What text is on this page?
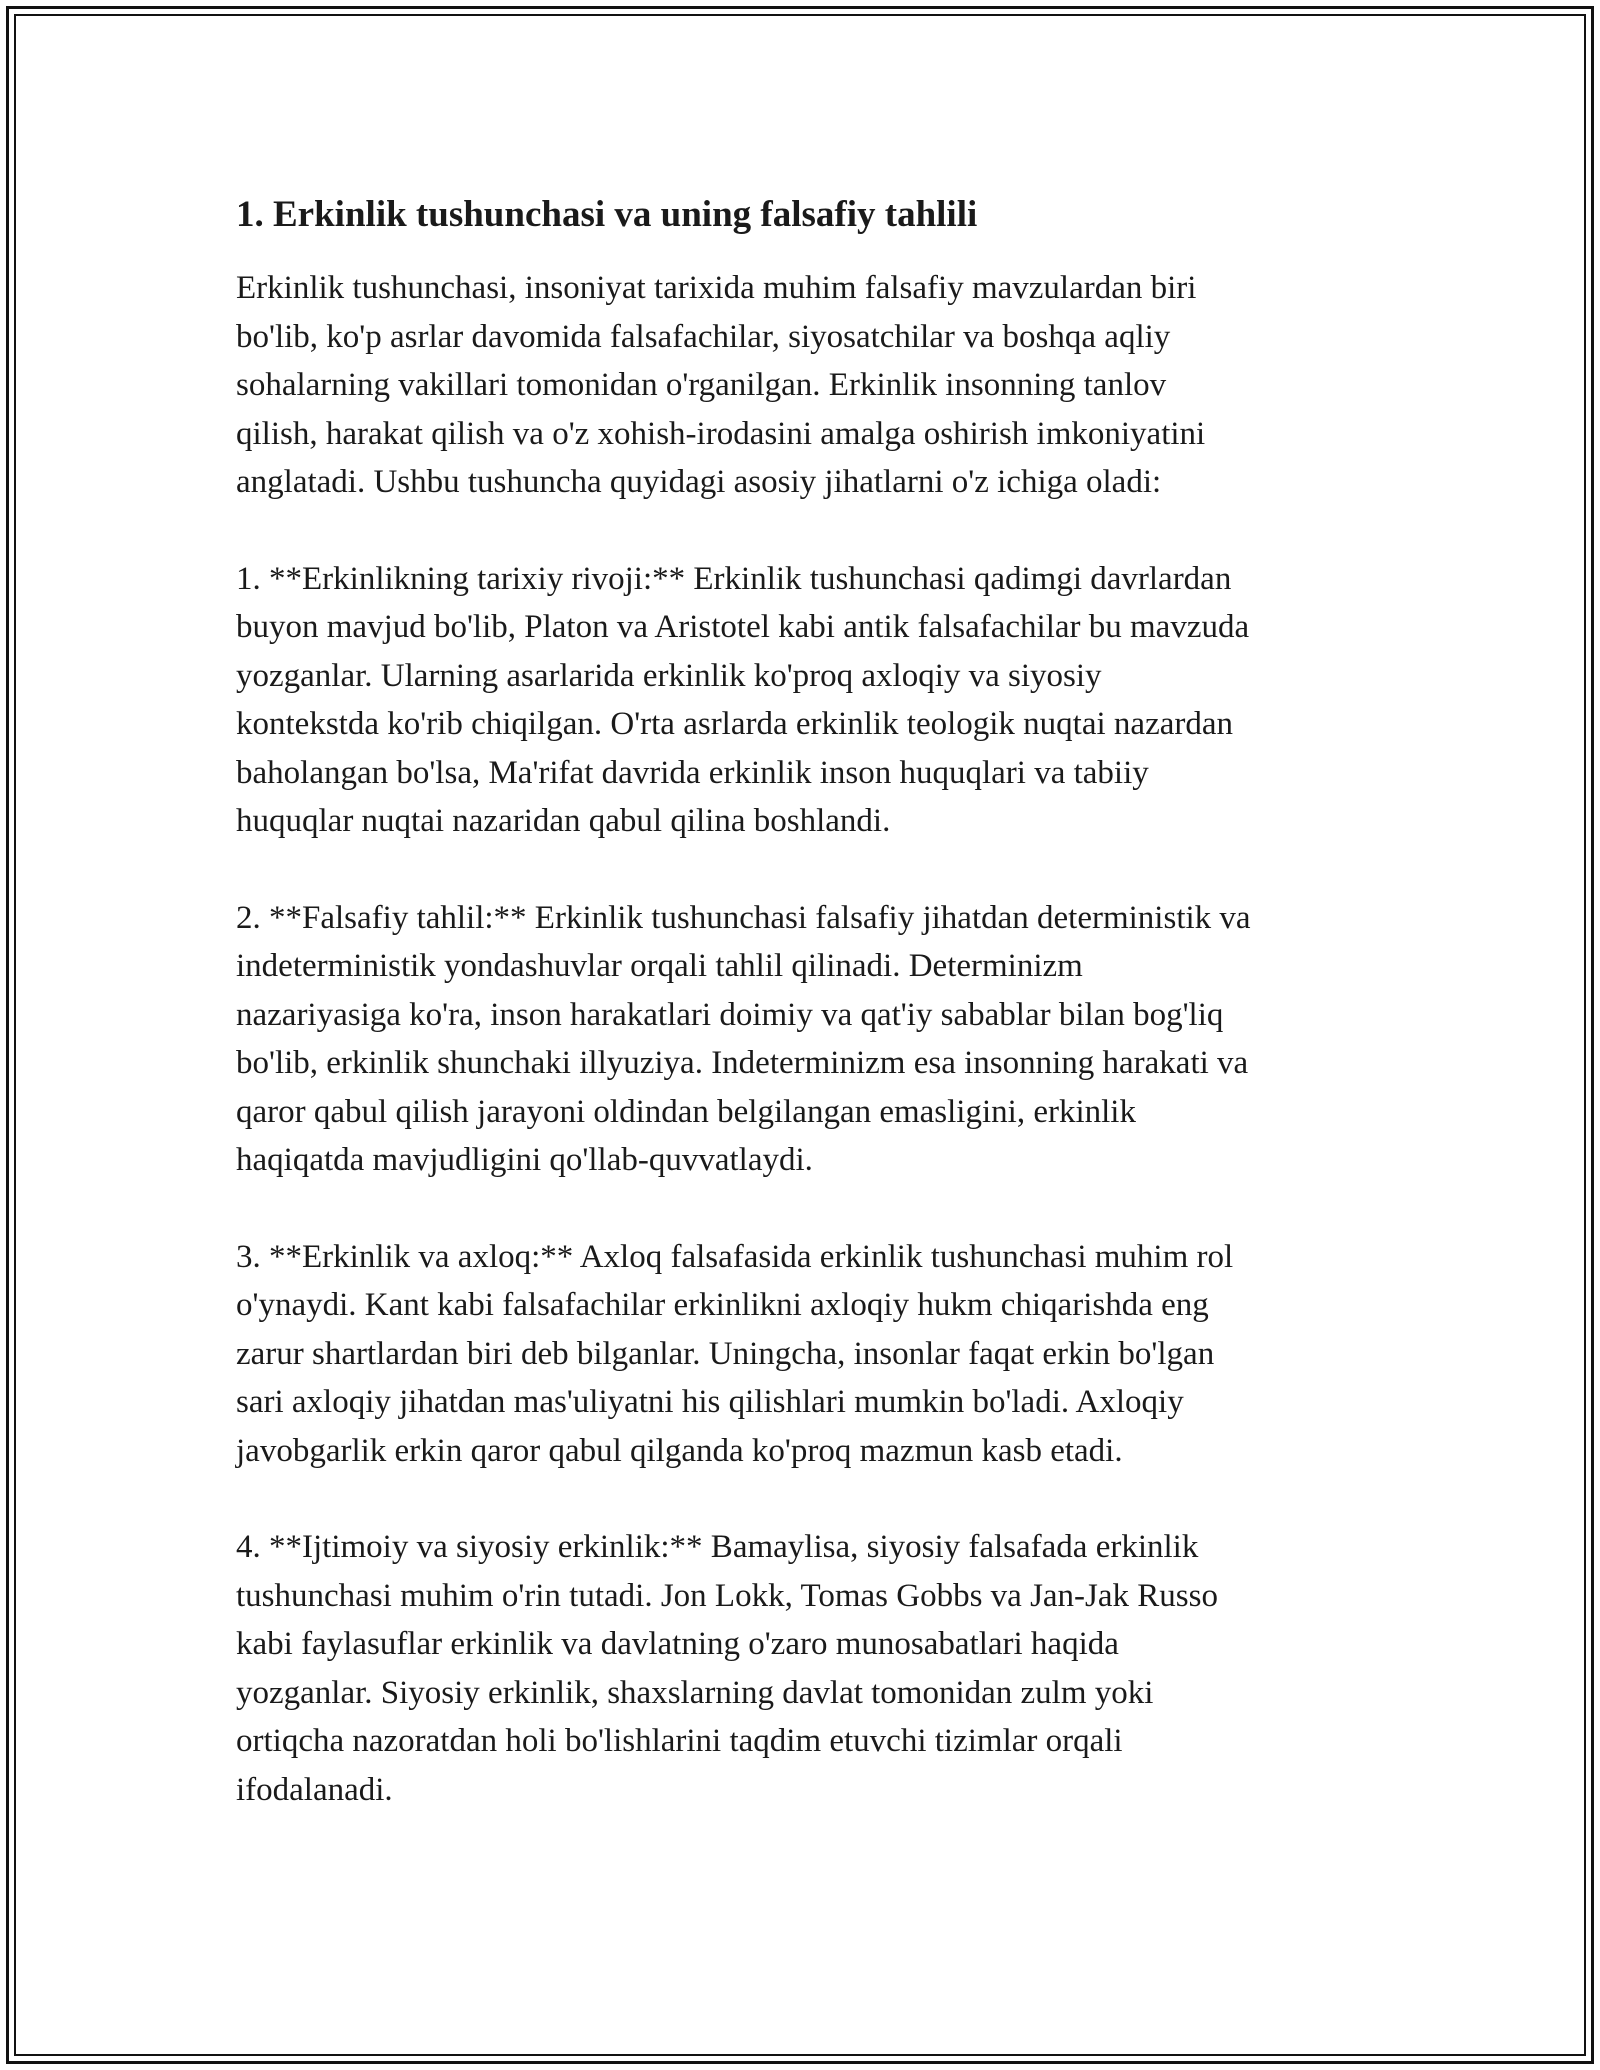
1. Erkinlik tushunchasi va uning falsafiy tahlili

Erkinlik tushunchasi, insoniyat tarixida muhim falsafiy mavzulardan biri
bo'lib, ko'p asrlar davomida falsafachilar, siyosatchilar va boshqa aqliy
sohalarning vakillari tomonidan o'rganilgan. Erkinlik insonning tanlov
qilish, harakat qilish va o'z xohish-irodasini amalga oshirish imkoniyatini
anglatadi. Ushbu tushuncha quyidagi asosiy jihatlarni o'z ichiga oladi:

1. **Erkinlikning tarixiy rivoji:** Erkinlik tushunchasi qadimgi davrlardan
buyon mavjud bo'lib, Platon va Aristotel kabi antik falsafachilar bu mavzuda
yozganlar. Ularning asarlarida erkinlik ko'proq axloqiy va siyosiy
kontekstda ko'rib chiqilgan. O'rta asrlarda erkinlik teologik nuqtai nazardan
baholangan bo'lsa, Ma'rifat davrida erkinlik inson huquqlari va tabiiy
huquqlar nuqtai nazaridan qabul qilina boshlandi.

2. **Falsafiy tahlil:** Erkinlik tushunchasi falsafiy jihatdan deterministik va
indeterministik yondashuvlar orqali tahlil qilinadi. Determinizm
nazariyasiga ko'ra, inson harakatlari doimiy va qat'iy sabablar bilan bog'liq
bo'lib, erkinlik shunchaki illyuziya. Indeterminizm esa insonning harakati va
qaror qabul qilish jarayoni oldindan belgilangan emasligini, erkinlik
haqiqatda mavjudligini qo'llab-quvvatlaydi.

3. **Erkinlik va axloq:** Axloq falsafasida erkinlik tushunchasi muhim rol
o'ynaydi. Kant kabi falsafachilar erkinlikni axloqiy hukm chiqarishda eng
zarur shartlardan biri deb bilganlar. Uningcha, insonlar faqat erkin bo'lgan
sari axloqiy jihatdan mas'uliyatni his qilishlari mumkin bo'ladi. Axloqiy
javobgarlik erkin qaror qabul qilganda ko'proq mazmun kasb etadi.

4. **Ijtimoiy va siyosiy erkinlik:** Bamaylisa, siyosiy falsafada erkinlik
tushunchasi muhim o'rin tutadi. Jon Lokk, Tomas Gobbs va Jan-Jak Russo
kabi faylasuflar erkinlik va davlatning o'zaro munosabatlari haqida
yozganlar. Siyosiy erkinlik, shaxslarning davlat tomonidan zulm yoki
ortiqcha nazoratdan holi bo'lishlarini taqdim etuvchi tizimlar orqali
ifodalanadi.
